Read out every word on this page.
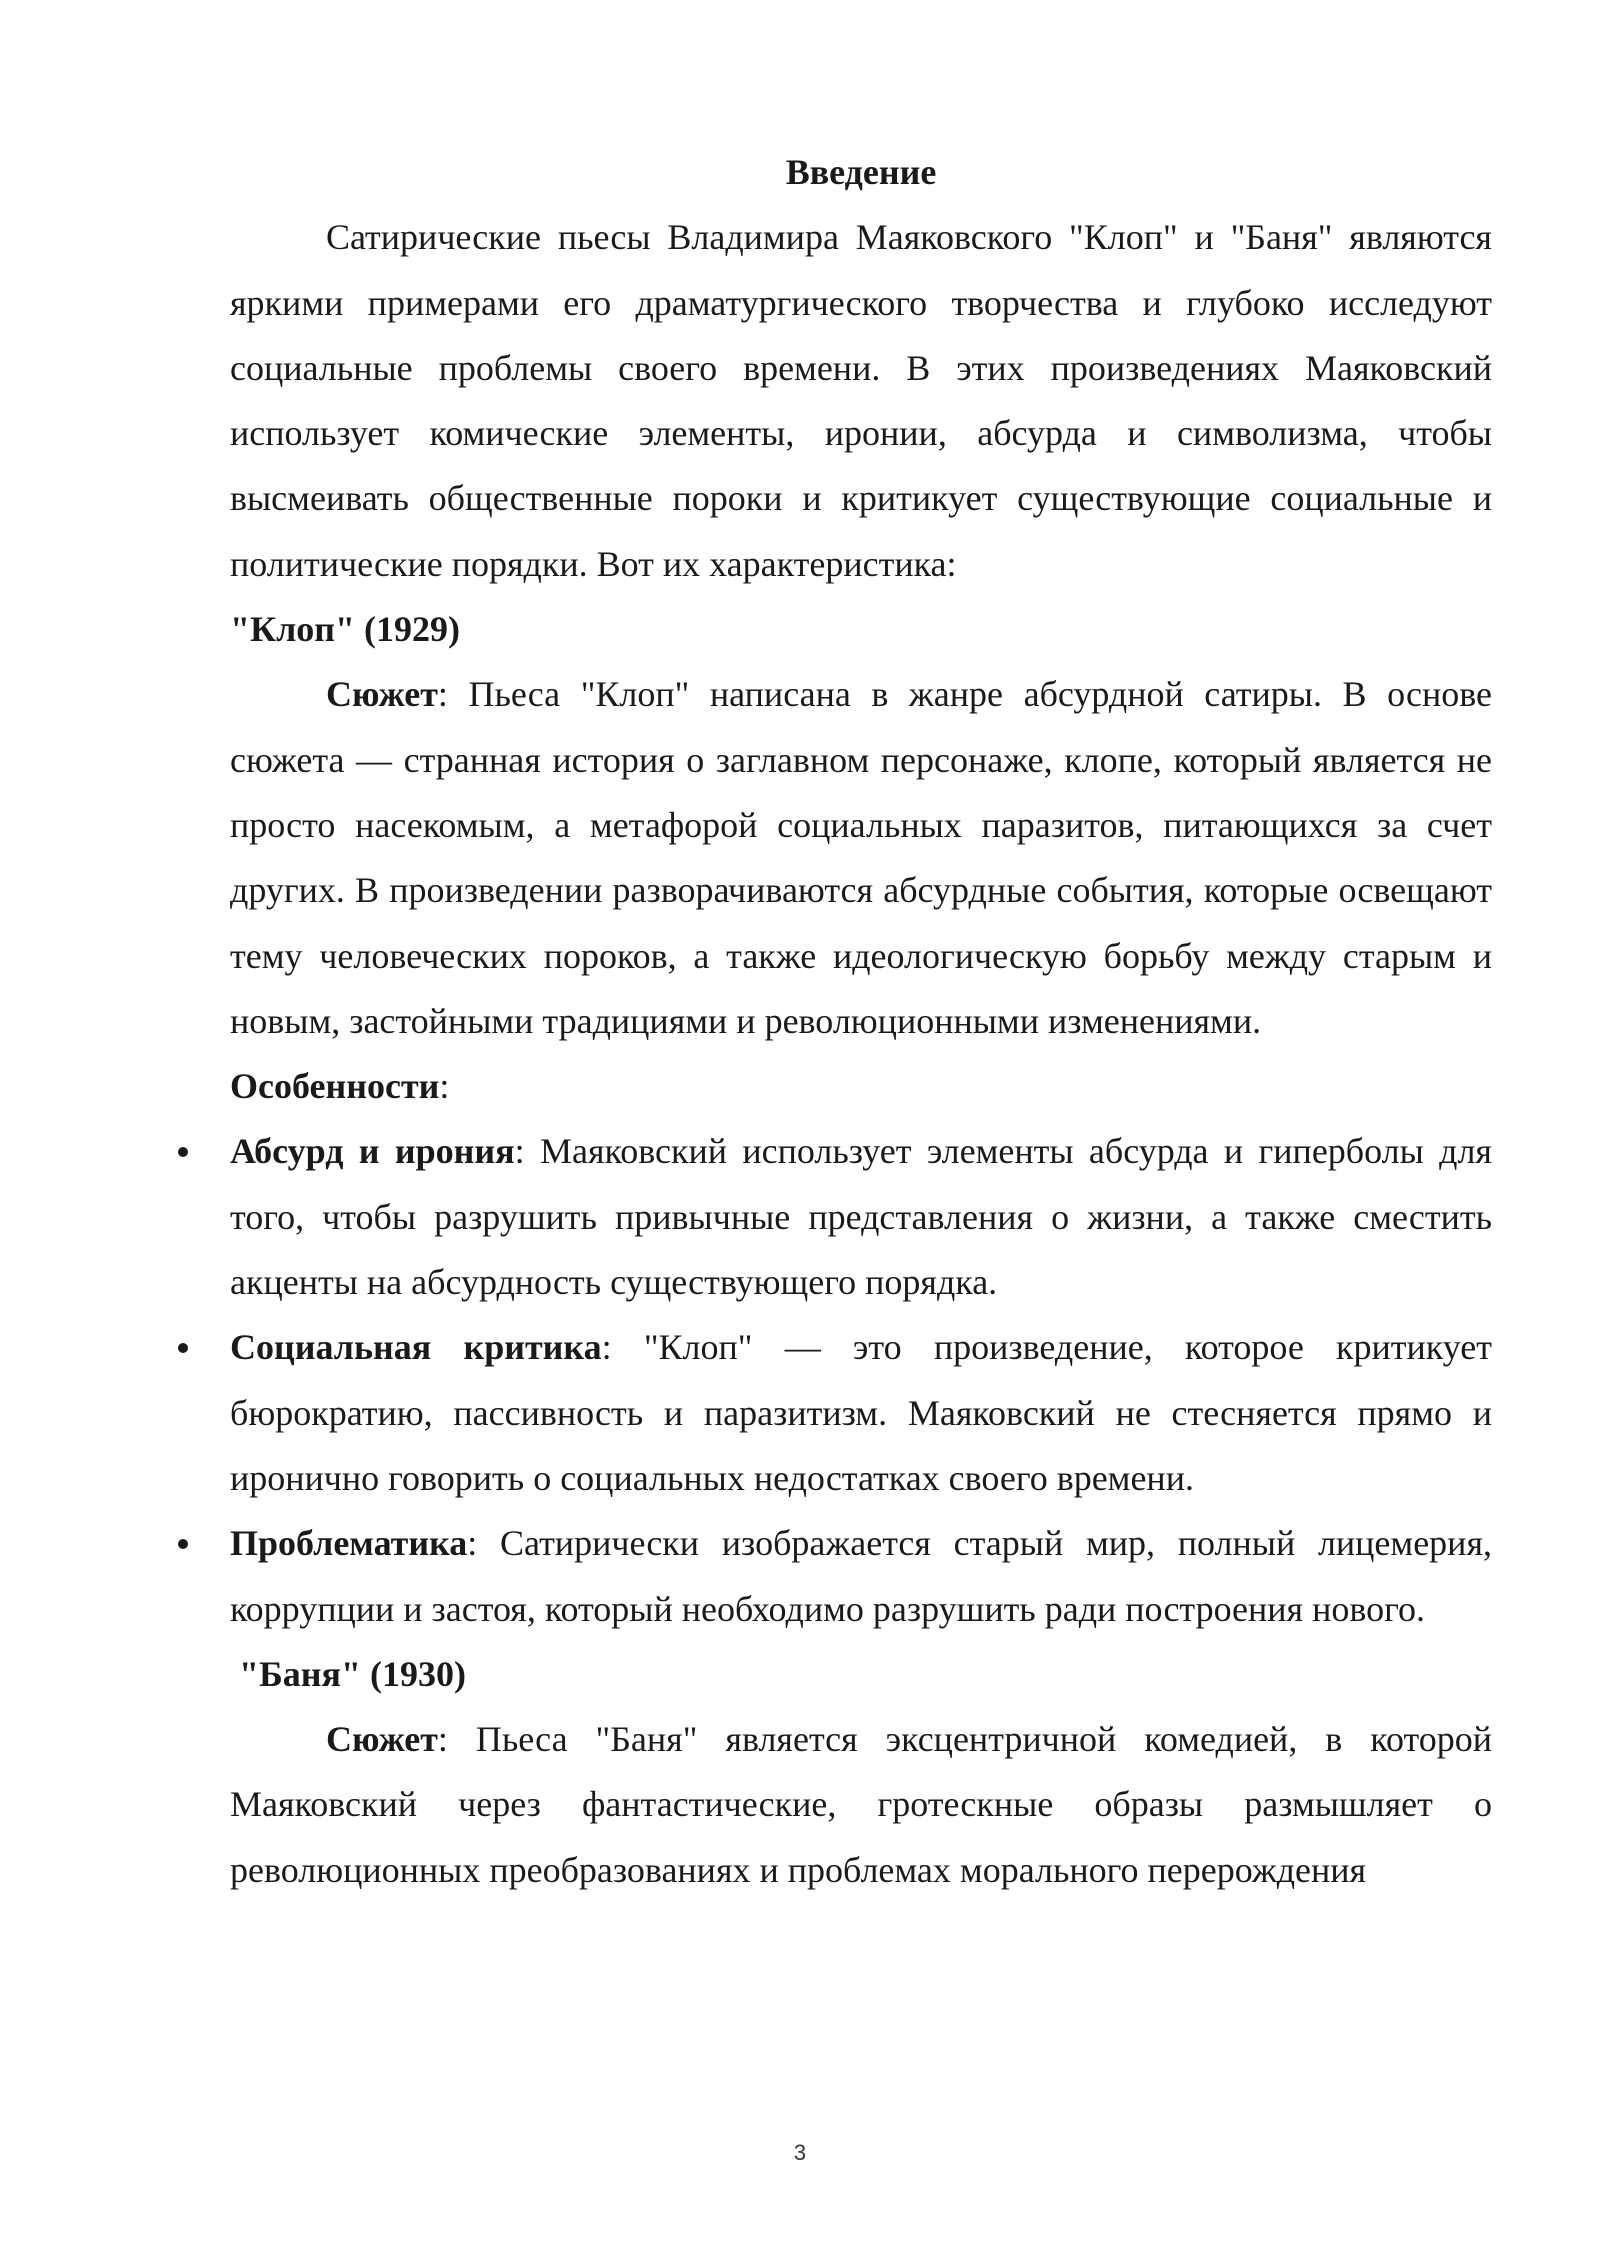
Введение

Сатирические пьесы Владимира Маяковского "Клоп" и "Баня" являются яркими примерами его драматургического творчества и глубоко исследуют социальные проблемы своего времени. В этих произведениях Маяковский использует комические элементы, иронии, абсурда и символизма, чтобы высмеивать общественные пороки и критикует существующие социальные и политические порядки. Вот их характеристика:

"Клоп" (1929)

Сюжет: Пьеса "Клоп" написана в жанре абсурдной сатиры. В основе сюжета — странная история о заглавном персонаже, клопе, который является не просто насекомым, а метафорой социальных паразитов, питающихся за счет других. В произведении разворачиваются абсурдные события, которые освещают тему человеческих пороков, а также идеологическую борьбу между старым и новым, застойными традициями и революционными изменениями.

Особенности:

Абсурд и ирония: Маяковский использует элементы абсурда и гиперболы для того, чтобы разрушить привычные представления о жизни, а также сместить акценты на абсурдность существующего порядка.
Социальная критика: "Клоп" — это произведение, которое критикует бюрократию, пассивность и паразитизм. Маяковский не стесняется прямо и иронично говорить о социальных недостатках своего времени.
Проблематика: Сатирически изображается старый мир, полный лицемерия, коррупции и застоя, который необходимо разрушить ради построения нового.

"Баня" (1930)

Сюжет: Пьеса "Баня" является эксцентричной комедией, в которой Маяковский через фантастические, гротескные образы размышляет о революционных преобразованиях и проблемах морального перерождения

3
